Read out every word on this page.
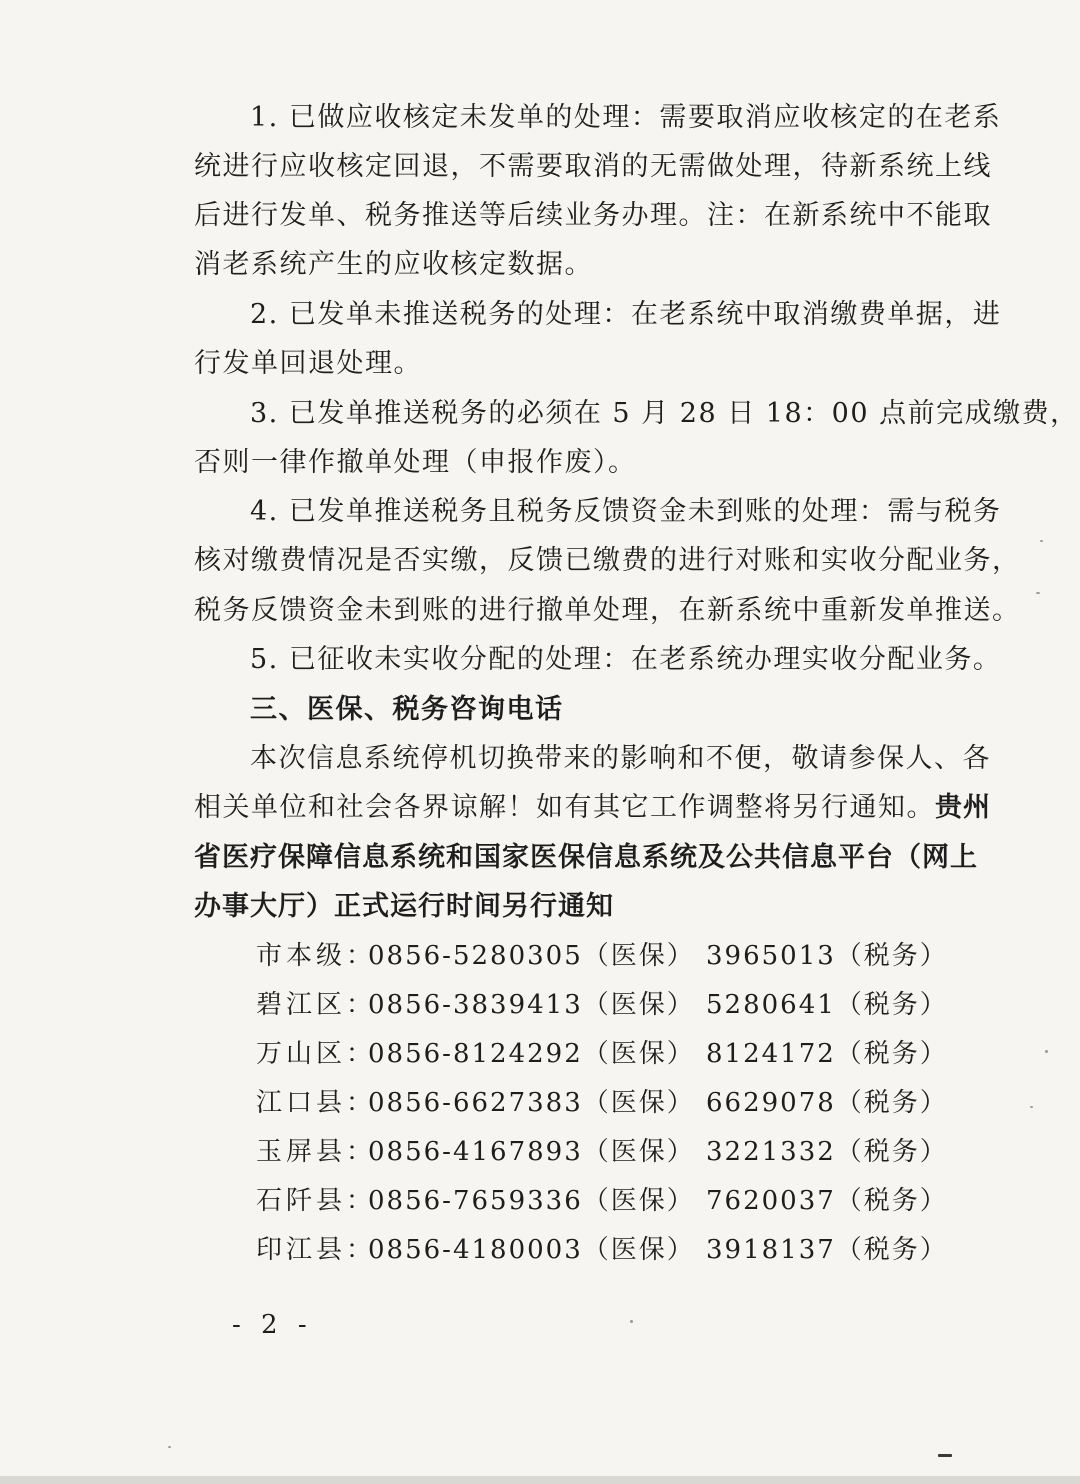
1. 已做应收核定未发单的处理：需要取消应收核定的在老系
统进行应收核定回退，不需要取消的无需做处理，待新系统上线
后进行发单、税务推送等后续业务办理。注：在新系统中不能取
消老系统产生的应收核定数据。
2. 已发单未推送税务的处理：在老系统中取消缴费单据，进
行发单回退处理。
3. 已发单推送税务的必须在 5 月 28 日 18：00 点前完成缴费，
否则一律作撤单处理（申报作废）。
4. 已发单推送税务且税务反馈资金未到账的处理：需与税务
核对缴费情况是否实缴，反馈已缴费的进行对账和实收分配业务，
税务反馈资金未到账的进行撤单处理，在新系统中重新发单推送。
5. 已征收未实收分配的处理：在老系统办理实收分配业务。
三、医保、税务咨询电话
本次信息系统停机切换带来的影响和不便，敬请参保人、各
相关单位和社会各界谅解！如有其它工作调整将另行通知。贵州
省医疗保障信息系统和国家医保信息系统及公共信息平台（网上
办事大厅）正式运行时间另行通知
市本级：
0856-5280305（医保） 3965013（税务）
碧江区：
0856-3839413（医保） 5280641（税务）
万山区：
0856-8124292（医保） 8124172（税务）
江口县：
0856-6627383（医保） 6629078（税务）
玉屏县：
0856-4167893（医保） 3221332（税务）
石阡县：
0856-7659336（医保） 7620037（税务）
印江县：
0856-4180003（医保） 3918137（税务）
- 2 -
